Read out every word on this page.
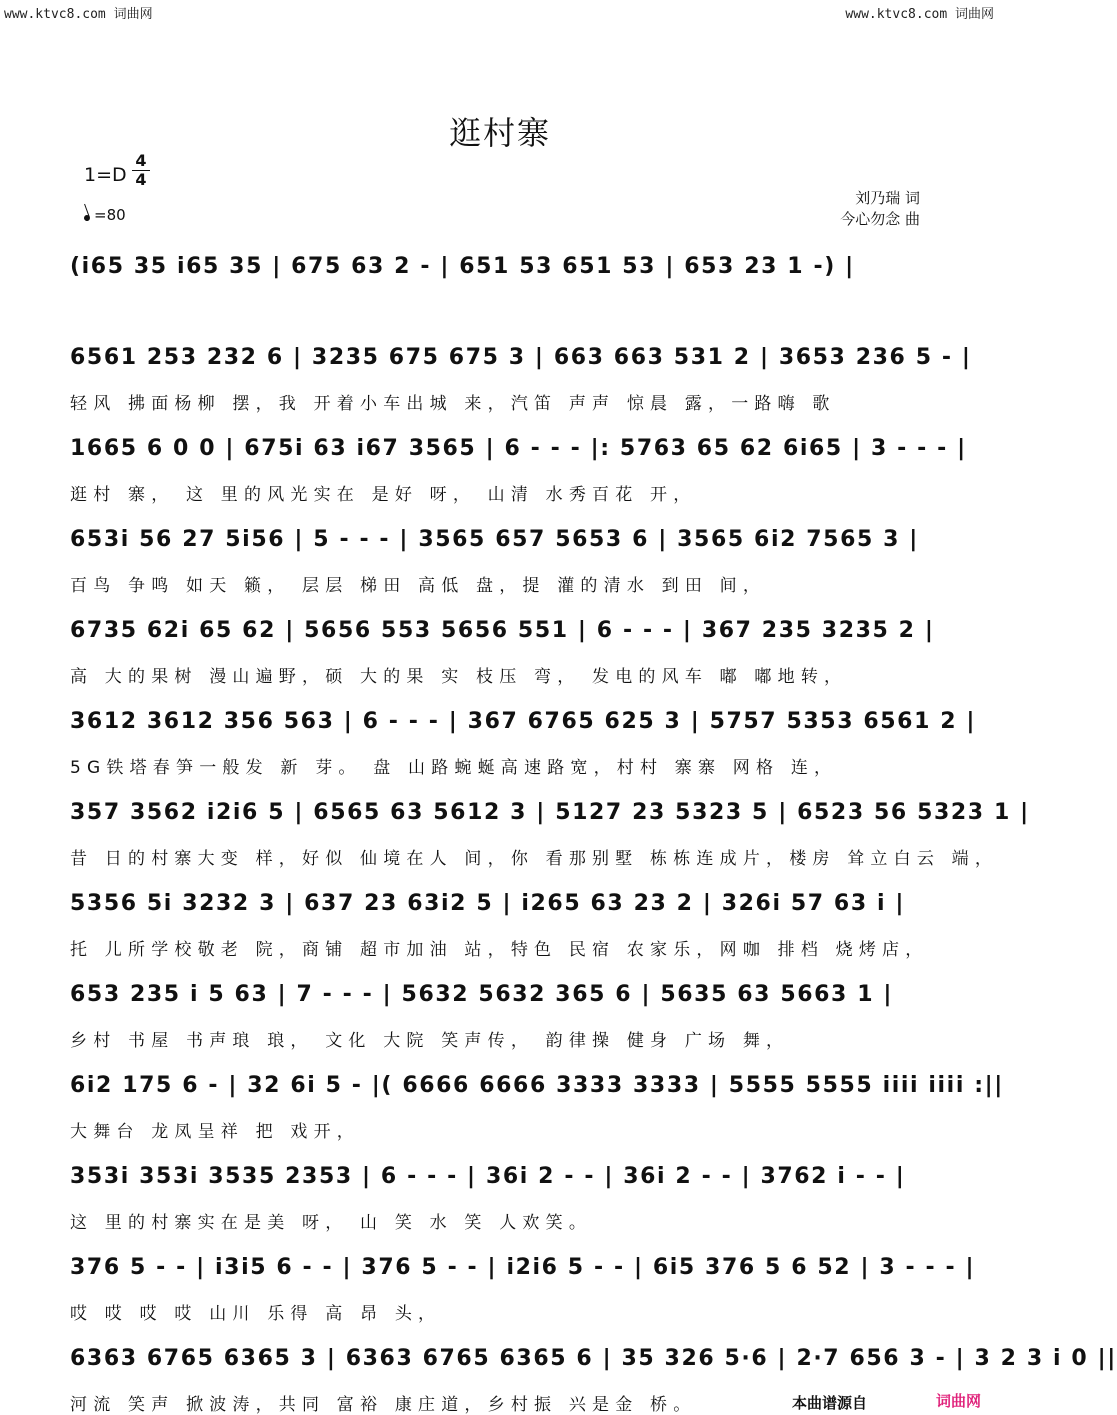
www.ktvc8.com 词曲网	www.ktvc8.com 词曲网
逛村寨
$1=D \frac{4}{4}$
=80
刘乃瑞 词
今心勿念 曲
(i65 35 i65 35 | 675 63 2 - | 651 53 651 53 | 653 23 1 -) |
6561 253 232 6 | 3235 675 675 3 | 663 663 531 2 | 3653 236 5 - |
轻风 拂面杨柳 摆，我 开着小车出城 来，汽笛 声声 惊晨 露，一路嗨 歌
1665 6 0 0 | 675i 63 i67 3565 | 6 - - - |: 5763 65 62 6i65 | 3 - - - |
逛村 寨， 这 里的风光实在 是好 呀， 山清 水秀百花 开，
653i 56 27 5i56 | 5 - - - | 3565 657 5653 6 | 3565 6i2 7565 3 |
百鸟 争鸣 如天 籁， 层层 梯田 高低 盘，提 灌的清水 到田 间，
6735 62i 65 62 | 5656 553 5656 551 | 6 - - - | 367 235 3235 2 |
高 大的果树 漫山遍野，硕 大的果 实 枝压 弯， 发电的风车 嘟 嘟地转，
3612 3612 356 563 | 6 - - - | 367 6765 625 3 | 5757 5353 6561 2 |
5G铁塔春笋一般发 新 芽。 盘 山路蜿蜒高速路宽，村村 寨寨 网格 连，
357 3562 i2i6 5 | 6565 63 5612 3 | 5127 23 5323 5 | 6523 56 5323 1 |
昔 日的村寨大变 样，好似 仙境在人 间，你 看那别墅 栋栋连成片，楼房 耸立白云 端，
5356 5i 3232 3 | 637 23 63i2 5 | i265 63 23 2 | 326i 57 63 i |
托 儿所学校敬老 院，商铺 超市加油 站，特色 民宿 农家乐，网咖 排档 烧烤店，
653 235 i 5 63 | 7 - - - | 5632 5632 365 6 | 5635 63 5663 1 |
乡村 书屋 书声琅 琅， 文化 大院 笑声传， 韵律操 健身 广场 舞，
6i2 175 6 - | 32 6i 5 - |( 6666 6666 3333 3333 | 5555 5555 iiii iiii :||
大舞台 龙凤呈祥 把 戏开，
353i 353i 3535 2353 | 6 - - - | 36i 2 - - | 36i 2 - - | 3762 i - - |
这 里的村寨实在是美 呀， 山 笑 水 笑 人欢笑。
376 5 - - | i3i5 6 - - | 376 5 - - | i2i6 5 - - | 6i5 376 5 6 52 | 3 - - - |
哎 哎 哎 哎 山川 乐得 高 昂 头，
6363 6765 6365 3 | 6363 6765 6365 6 | 35 326 5·6 | 2·7 656 3 - | 3 2 3 i 0 ||
河流 笑声 掀波涛，共同 富裕 康庄道，乡村振 兴是金 桥。	本曲谱源自	词曲网
